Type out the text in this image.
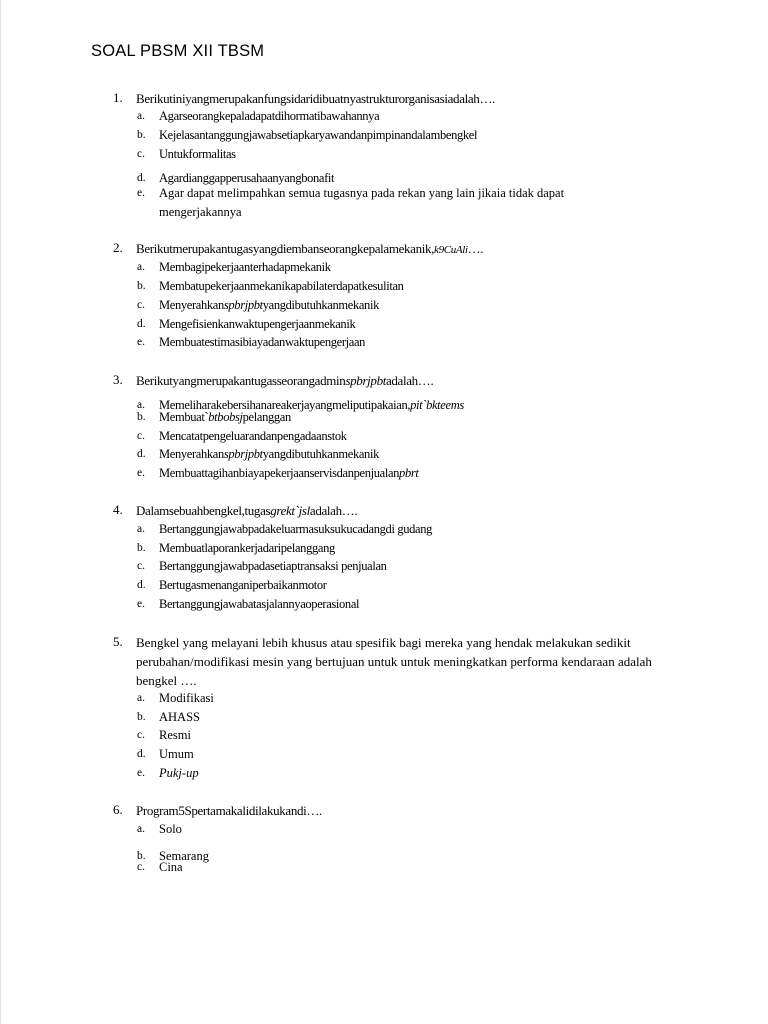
SOAL PBSM XII TBSM
1. Berikutiniyangmerupakanfungsidaridibuatnyastrukturorganisasiadalah….
a. Agarseorangkepaladapatdihormatibawahannya
b. Kejelasantanggungjawabsetiapkaryawandanpimpinandalambengkel
c. Untukformalitas
d. Agardianggapperusahaanyangbonafit
e. Agar dapat melimpahkan semua tugasnya pada rekan yang lain jikaia tidak dapat mengerjakannya
2. Berikutmerupakantugasyangdiembanseorangkepalamekanik,k9CuAli….
a. Membagipekerjaanterhadapmekanik
b. Membatupekerjaanmekanikapabilaterdapatkesulitan
c. Menyerahkanspbrjpbtyangdibutuhkanmekanik
d. Mengefisienkanwaktupengerjaanmekanik
e. Membuatestimasibiayadanwaktupengerjaan
3. Berikutyangmerupakantugasseorangadminspbrjpbtadalah….
a. Memeliharakebersihanareakerjayangmeliputipakaian,pit`bkteems
b. Membuat`btbobsjpelanggan
c. Mencatatpengeluarandanpengadaanstok
d. Menyerahkanspbrjpbtyangdibutuhkanmekanik
e. Membuattagihanbiayapekerjaanservisdanpenjualanpbrt
4. Dalamsebuahbengkel,tugasgrekt`jsladalah….
a. Bertanggungjawabpadakeluarmasuksukucadangdi gudang
b. Membuatlaporankerjadaripelanggang
c. Bertanggungjawabpadasetiaptransaksi penjualan
d. Bertugasmenanganiperbaikanmotor
e. Bertanggungjawabatasjalannyaoperasional
5. Bengkel yang melayani lebih khusus atau spesifik bagi mereka yang hendak melakukan sedikit perubahan/modifikasi mesin yang bertujuan untuk untuk meningkatkan performa kendaraan adalah bengkel ….
a. Modifikasi
b. AHASS
c. Resmi
d. Umum
e. Pukj-up
6. Program5Spertamakalidilakukandi….
a. Solo
b. Semarang
c. Cina
